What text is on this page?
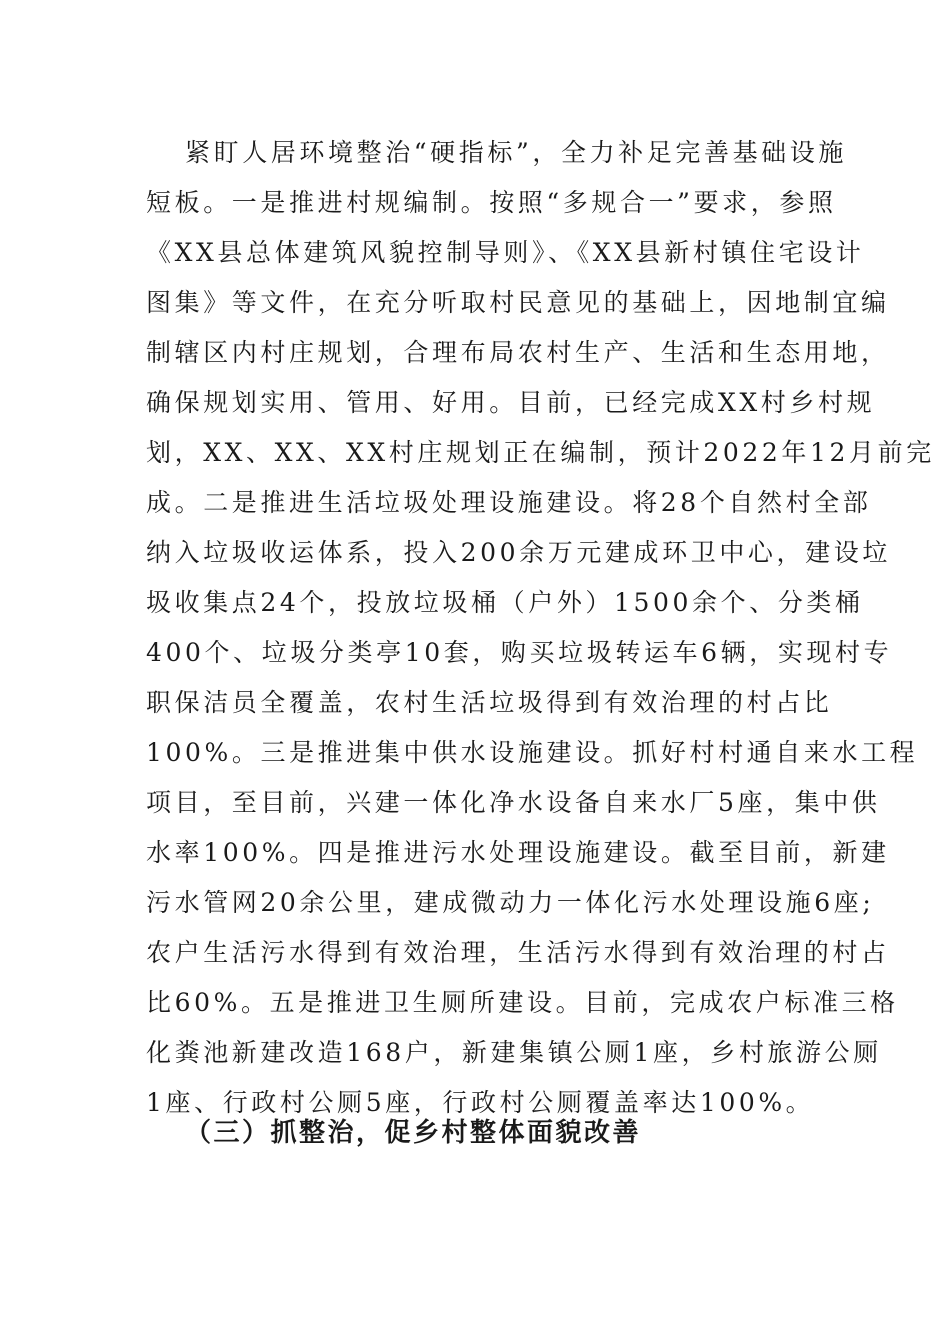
紧盯人居环境整治“硬指标”，全力补足完善基础设施
短板。一是推进村规编制。按照“多规合一”要求，参照
《XX县总体建筑风貌控制导则》、《XX县新村镇住宅设计
图集》等文件，在充分听取村民意见的基础上，因地制宜编
制辖区内村庄规划，合理布局农村生产、生活和生态用地，
确保规划实用、管用、好用。目前，已经完成XX村乡村规
划，XX、XX、XX村庄规划正在编制，预计2022年12月前完
成。二是推进生活垃圾处理设施建设。将28个自然村全部
纳入垃圾收运体系，投入200余万元建成环卫中心，建设垃
圾收集点24个，投放垃圾桶（户外）1500余个、分类桶
400个、垃圾分类亭10套，购买垃圾转运车6辆，实现村专
职保洁员全覆盖，农村生活垃圾得到有效治理的村占比
100%。三是推进集中供水设施建设。抓好村村通自来水工程
项目，至目前，兴建一体化净水设备自来水厂5座，集中供
水率100%。四是推进污水处理设施建设。截至目前，新建
污水管网20余公里，建成微动力一体化污水处理设施6座;
农户生活污水得到有效治理，生活污水得到有效治理的村占
比60%。五是推进卫生厕所建设。目前，完成农户标准三格
化粪池新建改造168户，新建集镇公厕1座，乡村旅游公厕
1座、行政村公厕5座，行政村公厕覆盖率达100%。
（三）抓整治，促乡村整体面貌改善
